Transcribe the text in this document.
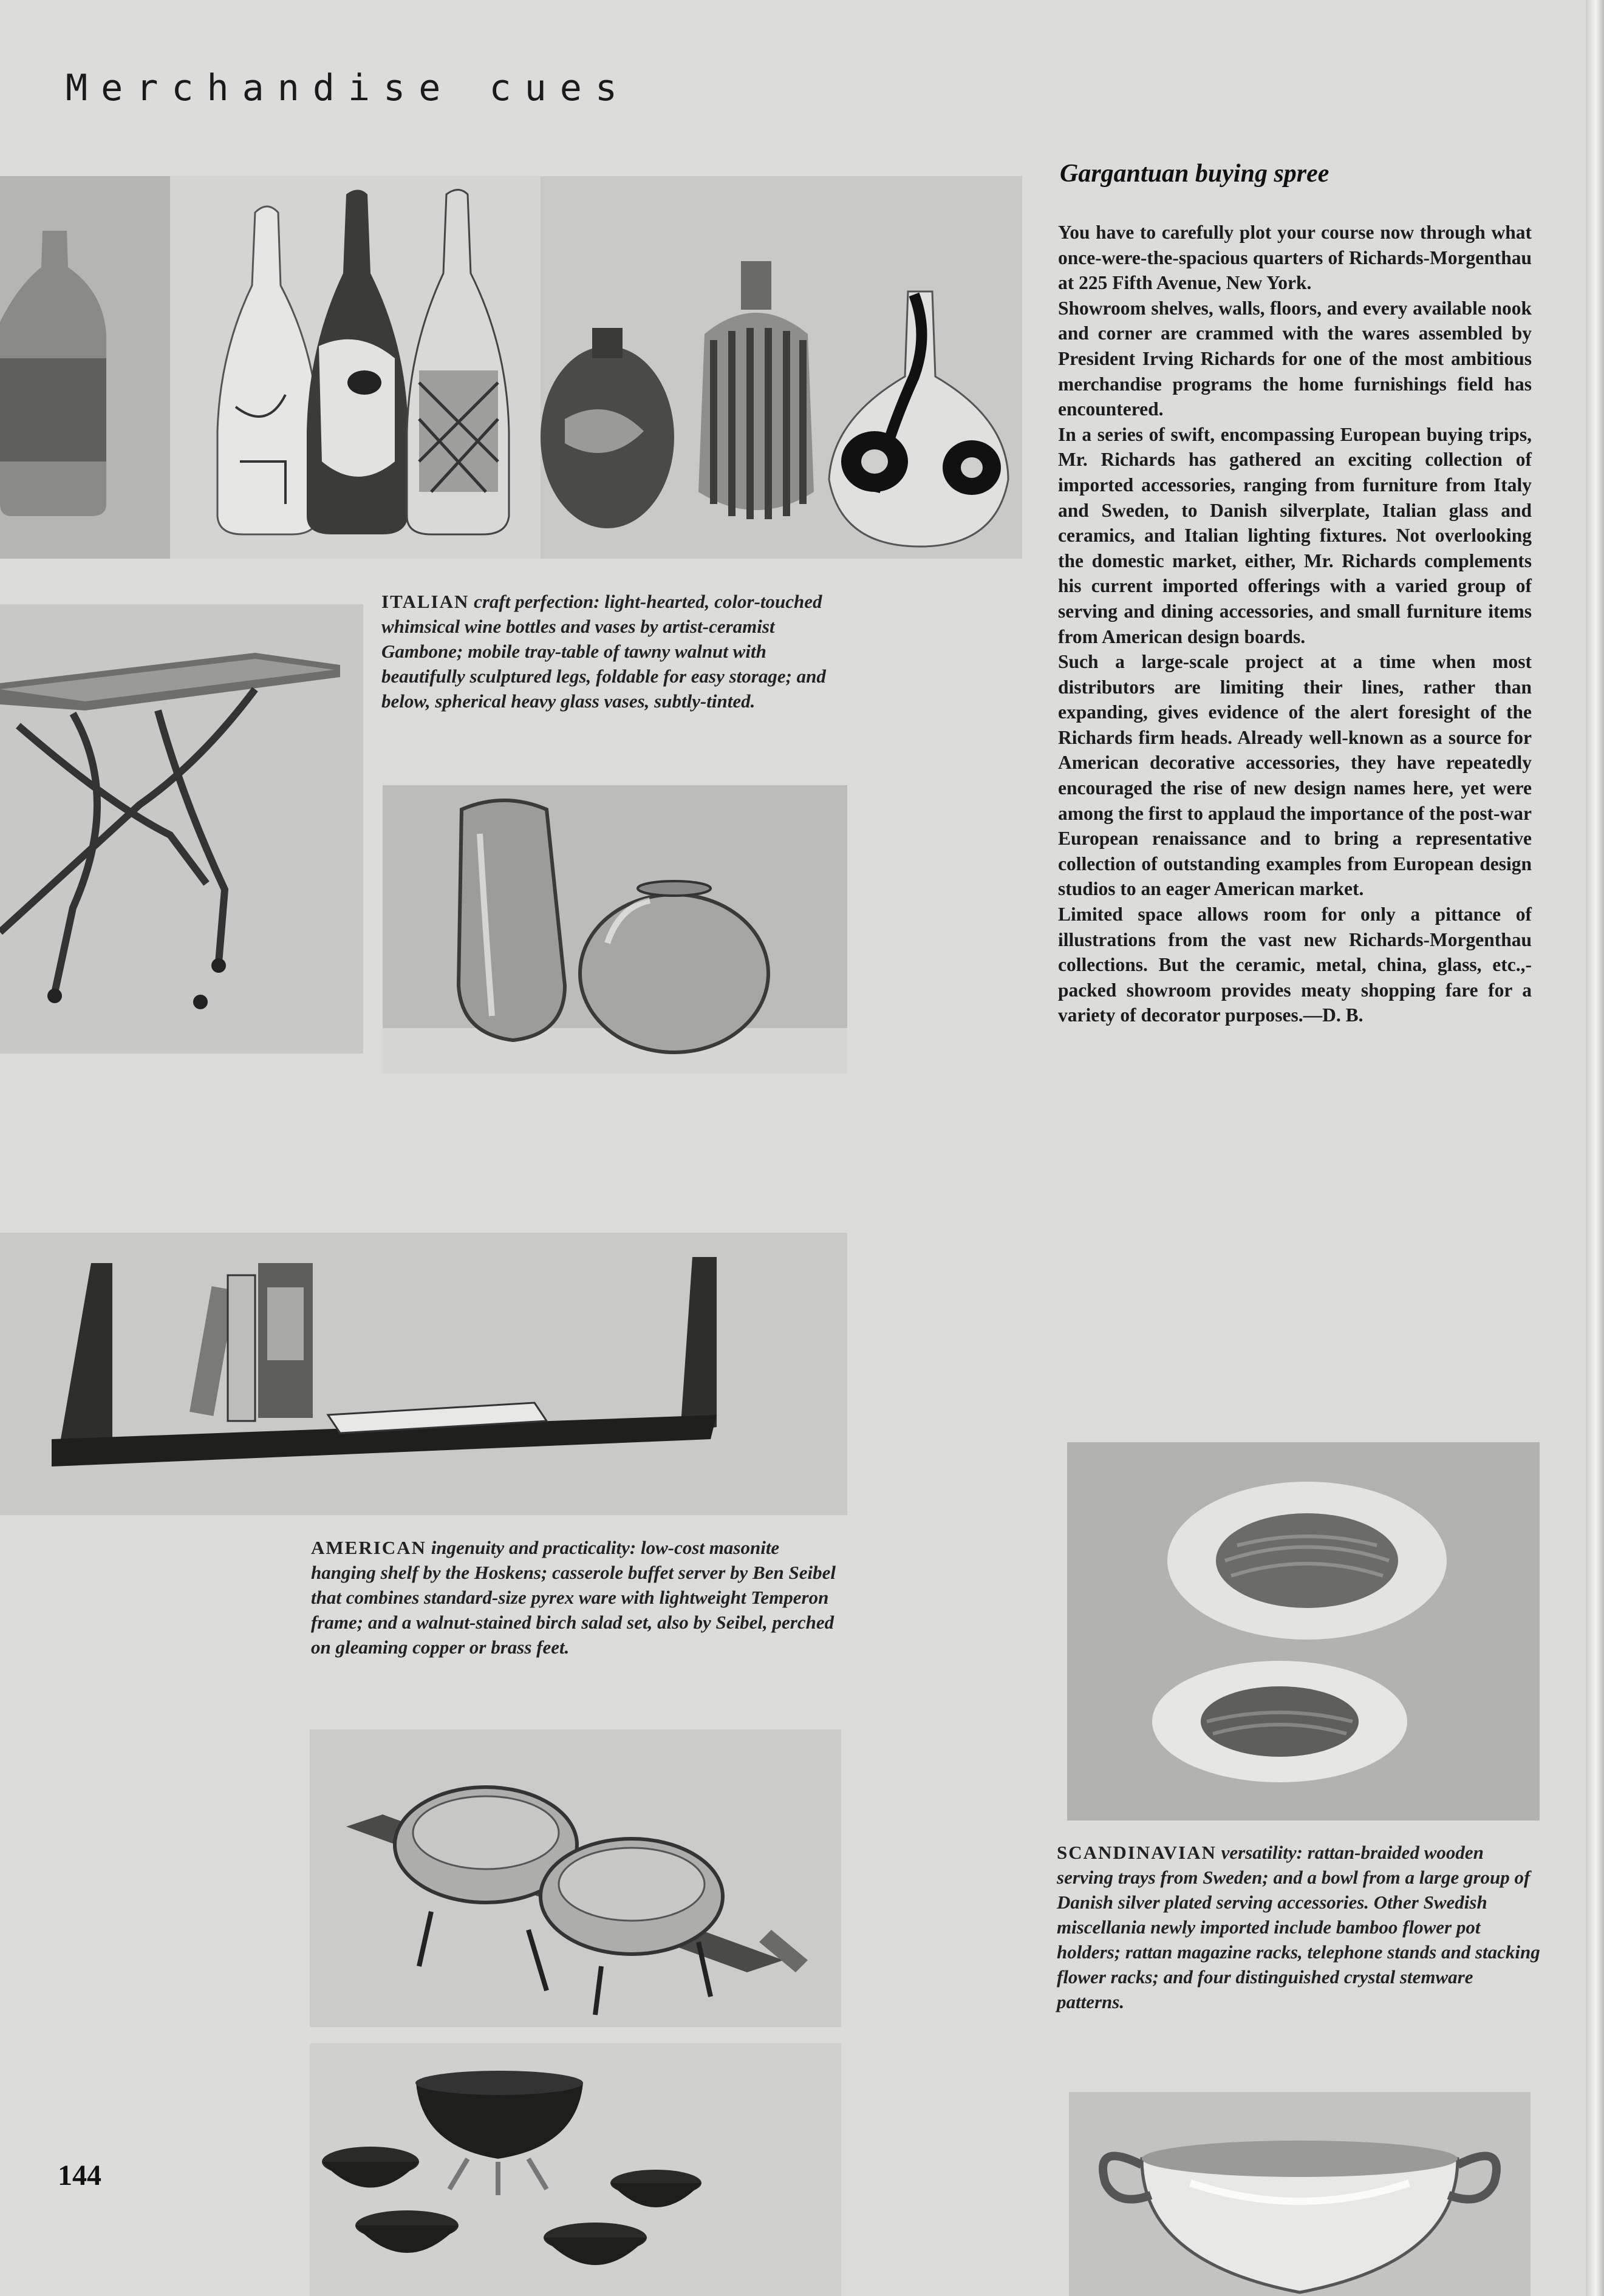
Merchandise cues
ITALIAN craft perfection: light-hearted, color-touched whimsical wine bottles and vases by artist-ceramist Gambone; mobile tray-table of tawny walnut with beautifully sculptured legs, foldable for easy storage; and below, spherical heavy glass vases, subtly-tinted.
AMERICAN ingenuity and practicality: low-cost masonite hanging shelf by the Hoskens; casserole buffet server by Ben Seibel that combines standard-size pyrex ware with lightweight Temperon frame; and a walnut-stained birch salad set, also by Seibel, perched on gleaming copper or brass feet.
Gargantuan buying spree

You have to carefully plot your course now through what once-were-the-spacious quarters of Richards-Morgenthau at 225 Fifth Avenue, New York.

Showroom shelves, walls, floors, and every available nook and corner are crammed with the wares assembled by President Irving Richards for one of the most ambitious merchandise programs the home furnishings field has encountered.

In a series of swift, encompassing European buying trips, Mr. Richards has gathered an exciting collection of imported accessories, ranging from furniture from Italy and Sweden, to Danish silverplate, Italian glass and ceramics, and Italian lighting fixtures. Not overlooking the domestic market, either, Mr. Richards complements his current imported offerings with a varied group of serving and dining accessories, and small furniture items from American design boards.

Such a large-scale project at a time when most distributors are limiting their lines, rather than expanding, gives evidence of the alert foresight of the Richards firm heads. Already well-known as a source for American decorative accessories, they have repeatedly encouraged the rise of new design names here, yet were among the first to applaud the importance of the post-war European renaissance and to bring a representative collection of outstanding examples from European design studios to an eager American market.

Limited space allows room for only a pittance of illustrations from the vast new Richards-Morgenthau collections. But the ceramic, metal, china, glass, etc.,-packed showroom provides meaty shopping fare for a variety of decorator purposes.—D. B.

SCANDINAVIAN versatility: rattan-braided wooden serving trays from Sweden; and a bowl from a large group of Danish silver plated serving accessories. Other Swedish miscellania newly imported include bamboo flower pot holders; rattan magazine racks, telephone stands and stacking flower racks; and four distinguished crystal stemware patterns.
144
